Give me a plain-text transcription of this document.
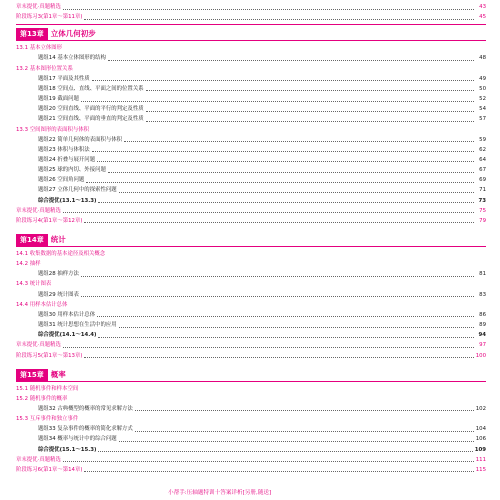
章末提优·真题精选	43
阶段练习3(第1章～第11章)	45
第13章 立体几何初步
13.1 基本立体图形
题组14 基本立体图形的结构	48
13.2 基本图形位置关系
题组17 平面及其性质	49
题组18 空间点、直线、平面之间的位置关系	50
题组19 截面问题	52
题组20 空间直线、平面的平行的判定及性质	54
题组21 空间直线、平面的垂直的判定及性质	57
13.3 空间图形的表面积与体积
题组22 简单几何体的表面积与体积	59
题组23 体积与体积法	62
题组24 折叠与展开问题	64
题组25 球的内切、外接问题	67
题组26 空间角问题	69
题组27 立体几何中的探索性问题	71
综合提优(13.1～13.3)	73
章末提优·真题精选	75
阶段练习4(第1章～第12章)	79
第14章 统计
14.1 收集数据的基本途径及相关概念
14.2 抽样
题组28 抽样方法	81
14.3 统计图表
题组29 统计图表	83
14.4 用样本估计总体
题组30 用样本估计总体	86
题组31 统计思想在生活中的应用	89
综合提优(14.1～14.4)	94
章末提优·真题精选	97
阶段练习5(第1章～第13章)	100
第15章 概率
15.1 随机事件和样本空间
15.2 随机事件的概率
题组32 古典概型的概率的常见求解方法	102
15.3 互斥事件和独立事件
题组33 复杂事件的概率的简化求解方式	104
题组34 概率与统计中的综合问题	106
综合提优(15.1～15.3)	109
章末提优·真题精选	111
阶段练习6(第1章～第14章)	115
小帮手:压轴题特训十答案详析[另册,随送]
